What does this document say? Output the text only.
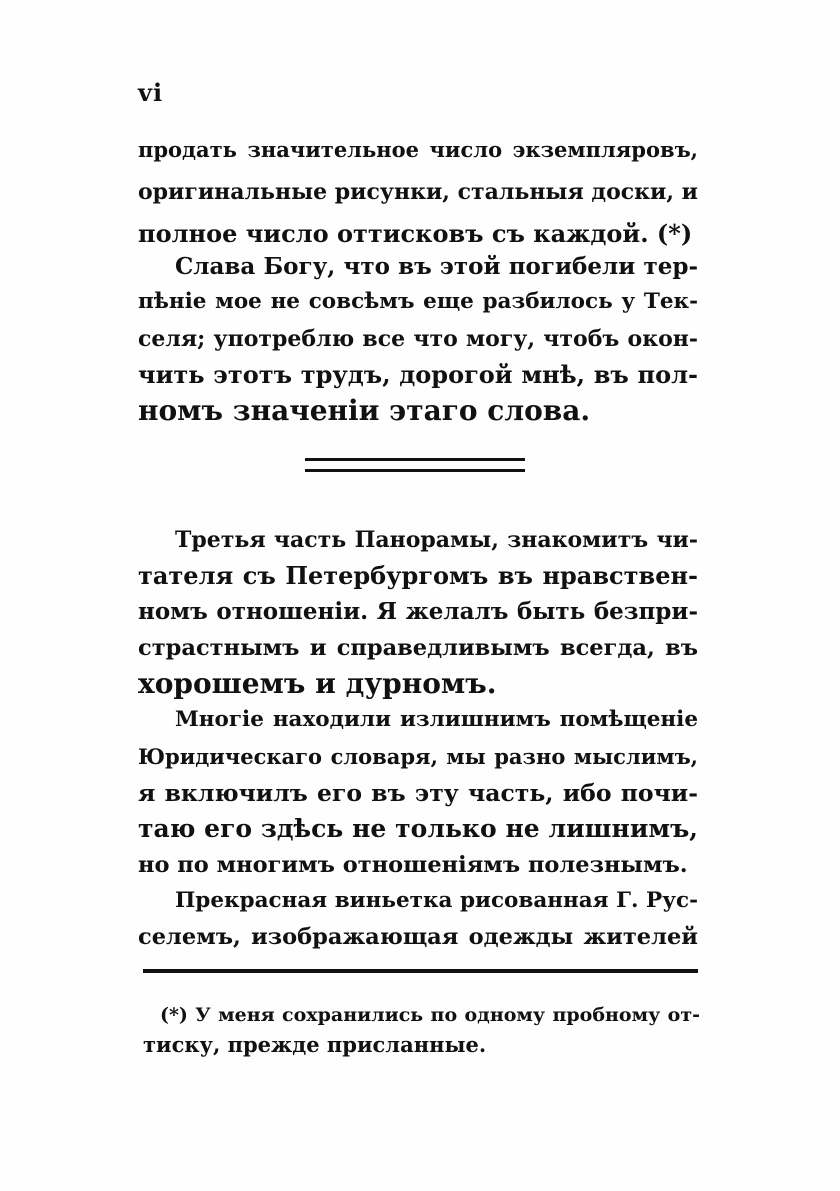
vi
продать значительное число экземпляровъ,
оригинальные рисунки, стальныя доски, и
полное число оттисковъ съ каждой. (*)
Слава Богу, что въ этой погибели тер-
пѣніе мое не совсѣмъ еще разбилось у Тек-
селя; употреблю все что могу, чтобъ окон-
чить этотъ трудъ, дорогой мнѣ, въ пол-
номъ значеніи этаго слова.
Третья часть Панорамы, знакомитъ чи-
тателя съ Петербургомъ въ нравствен-
номъ отношеніи. Я желалъ быть безпри-
страстнымъ и справедливымъ всегда, въ
хорошемъ и дурномъ.
Многіе находили излишнимъ помѣщеніе
Юридическаго словаря, мы разно мыслимъ,
я включилъ его въ эту часть, ибо почи-
таю его здѣсь не только не лишнимъ,
но по многимъ отношеніямъ полезнымъ.
Прекрасная виньетка рисованная Г. Рус-
селемъ, изображающая одежды жителей
(*) У меня сохранились по одному пробному от-
тиску, прежде присланные.
